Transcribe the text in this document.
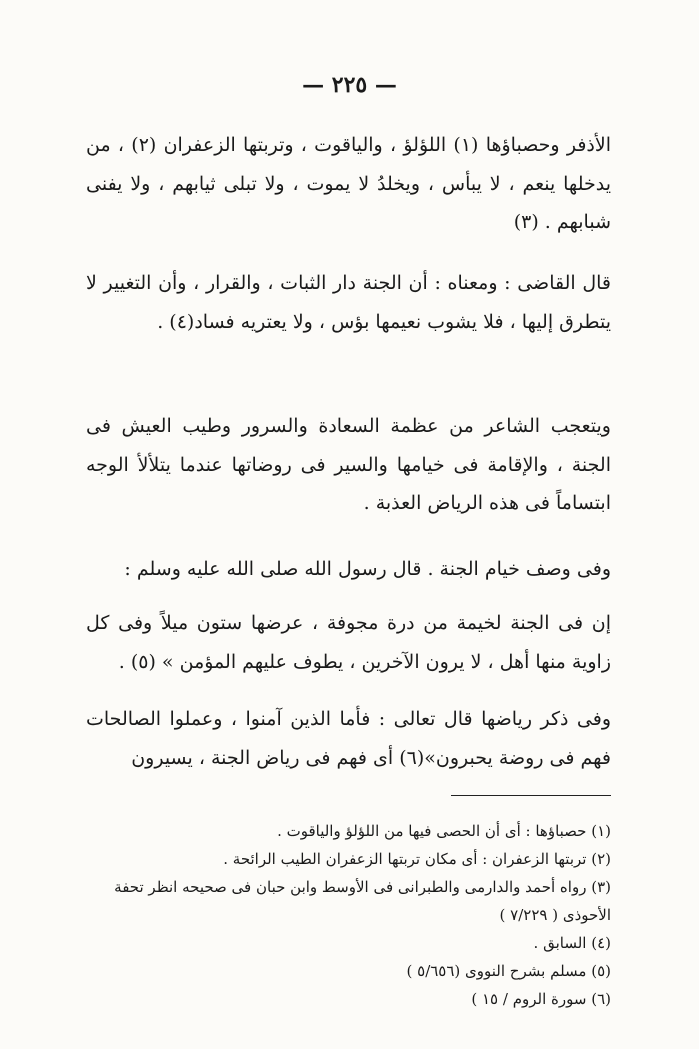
— ٢٢٥ —
الأذفر وحصباؤها (١) اللؤلؤ ، والياقوت ، وتربتها الزعفران (٢) ، من يدخلها ينعم ، لا يبأس ، ويخلدُ لا يموت ، ولا تبلى ثيابهم ، ولا يفنى شبابهم . (٣)
قال القاضى : ومعناه : أن الجنة دار الثبات ، والقرار ، وأن التغيير لا يتطرق إليها ، فلا يشوب نعيمها بؤس ، ولا يعتريه فساد(٤) .
ويتعجب الشاعر من عظمة السعادة والسرور وطيب العيش فى الجنة ، والإقامة فى خيامها والسير فى روضاتها عندما يتلألأ الوجه ابتساماً فى هذه الرياض العذبة .
وفى وصف خيام الجنة . قال رسول الله صلى الله عليه وسلم :
إن فى الجنة لخيمة من درة مجوفة ، عرضها ستون ميلاً وفى كل زاوية منها أهل ، لا يرون الآخرين ، يطوف عليهم المؤمن » (٥) .
وفى ذكر رياضها قال تعالى : فأما الذين آمنوا ، وعملوا الصالحات فهم فى روضة يحبرون»(٦) أى فهم فى رياض الجنة ، يسيرون
(١) حصباؤها : أى أن الحصى فيها من اللؤلؤ والياقوت .
(٢) تربتها الزعفران : أى مكان تربتها الزعفران الطيب الرائحة .
(٣) رواه أحمد والدارمى والطبرانى فى الأوسط وابن حبان فى صحيحه انظر تحفة الأحوذى ( ٧/٢٢٩ )
(٤) السابق .
(٥) مسلم بشرح النووى (٥/٦٥٦ )
(٦) سورة الروم / ١٥ )
